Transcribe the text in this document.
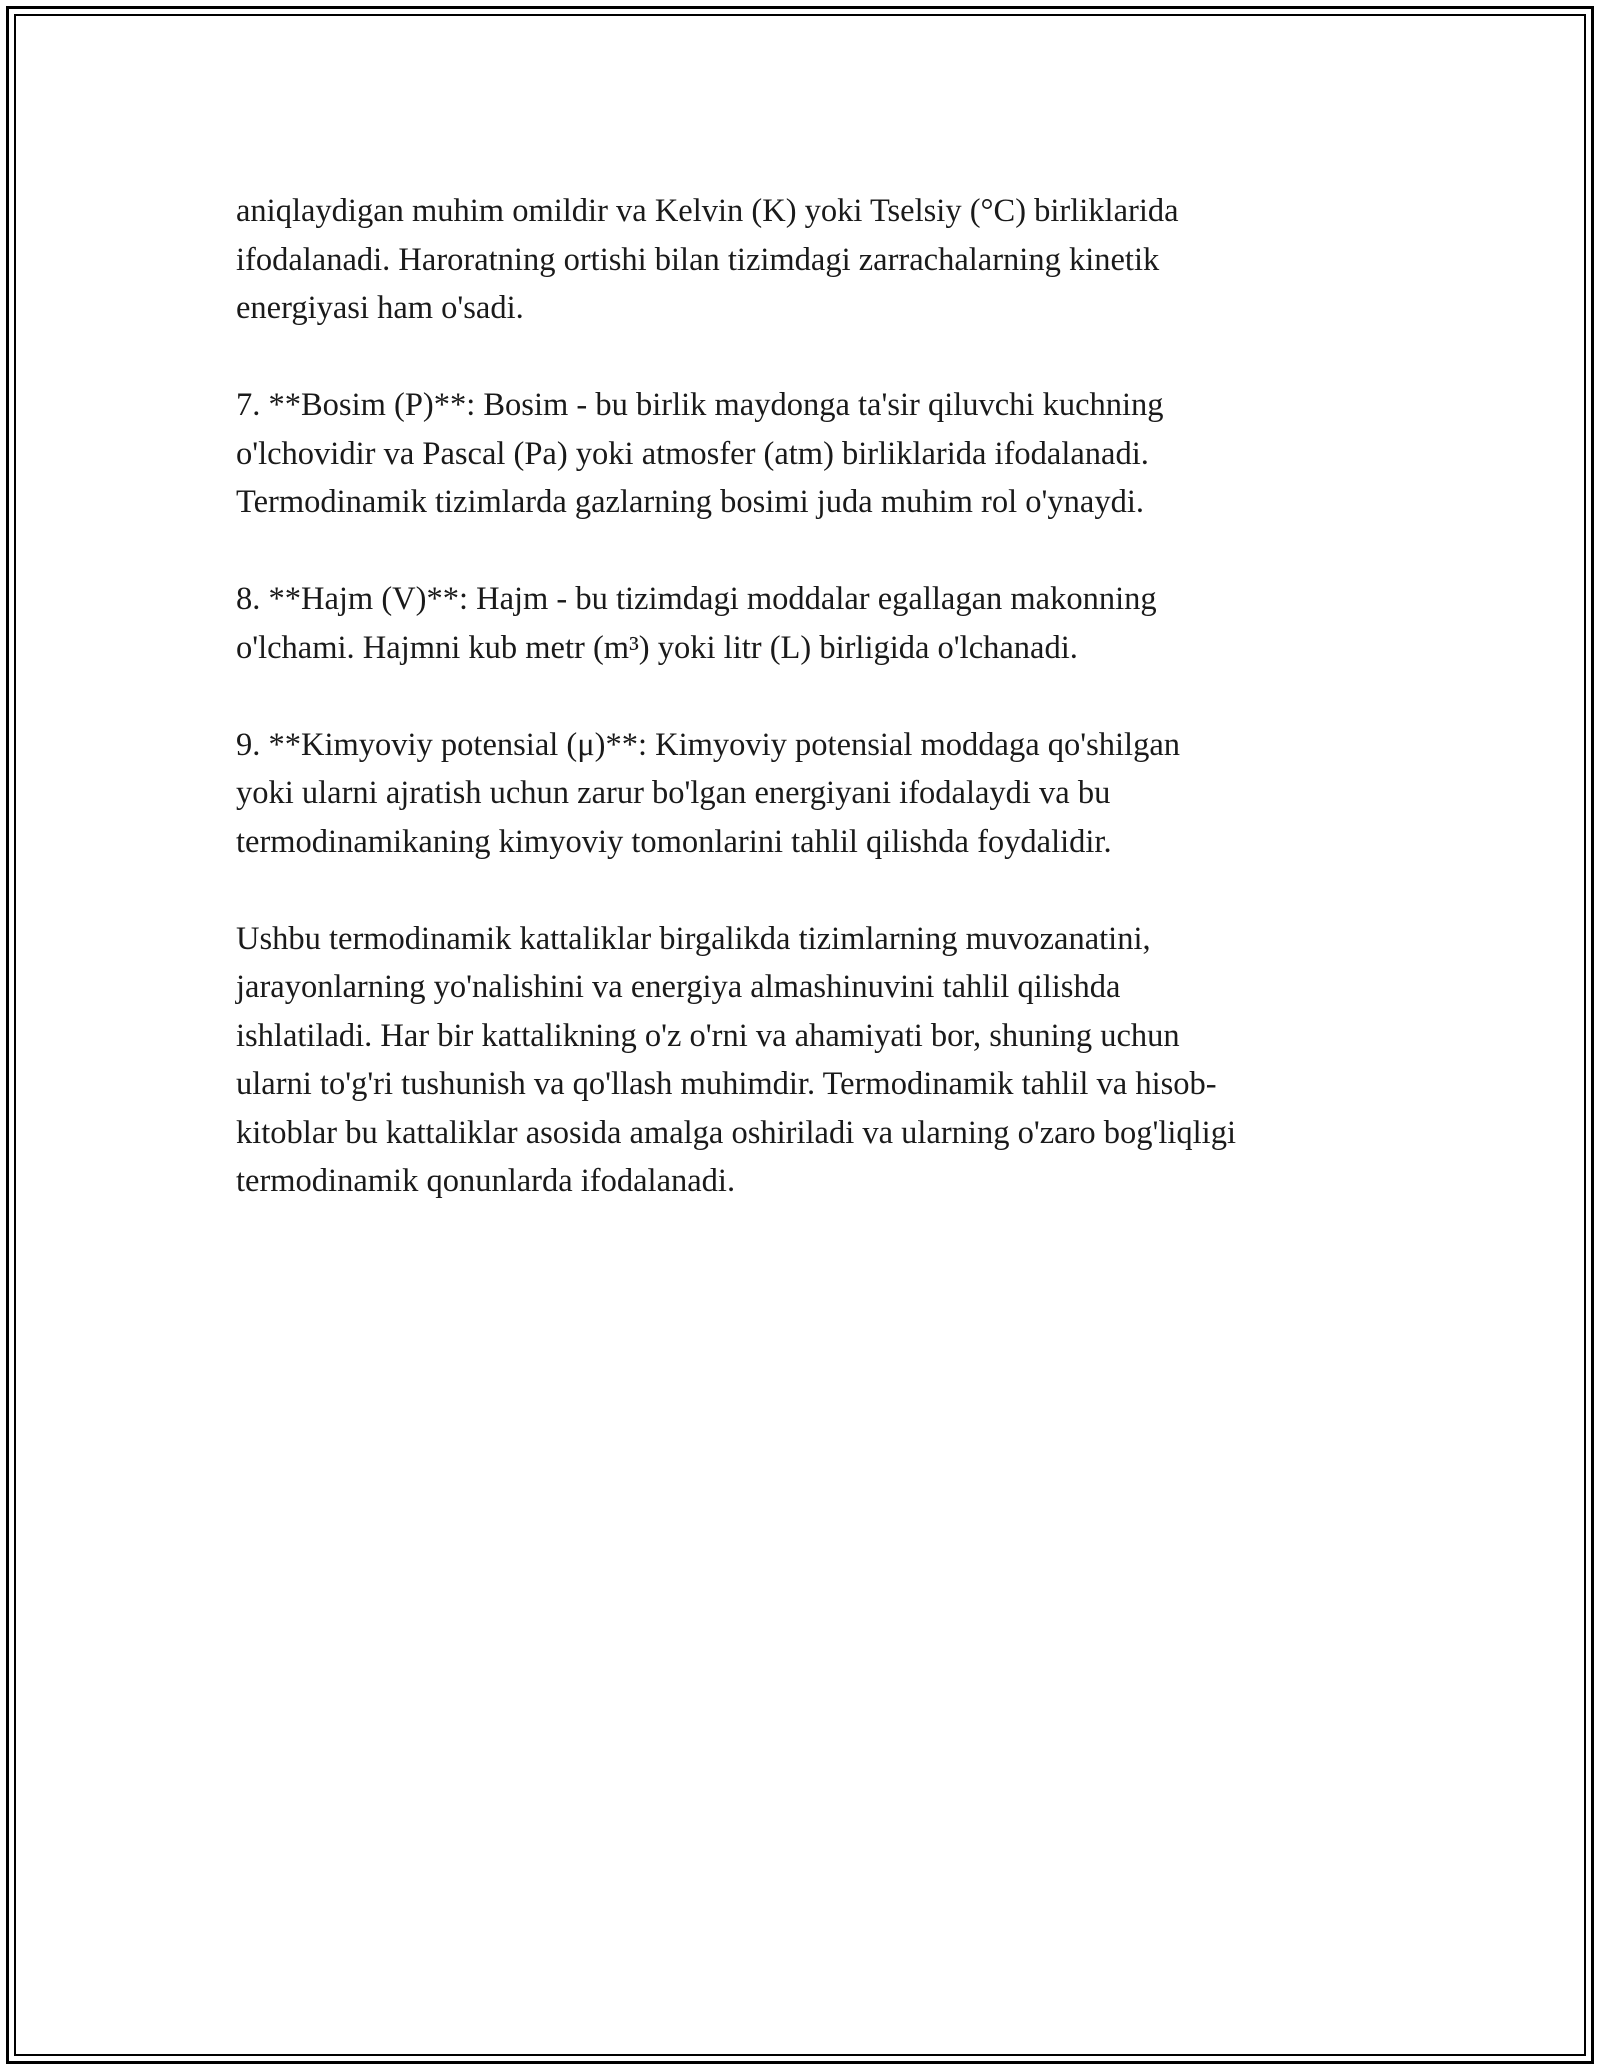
aniqlaydigan muhim omildir va Kelvin (K) yoki Tselsiy (°C) birliklarida
ifodalanadi. Haroratning ortishi bilan tizimdagi zarrachalarning kinetik
energiyasi ham o'sadi.

7. **Bosim (P)**: Bosim - bu birlik maydonga ta'sir qiluvchi kuchning
o'lchovidir va Pascal (Pa) yoki atmosfer (atm) birliklarida ifodalanadi.
Termodinamik tizimlarda gazlarning bosimi juda muhim rol o'ynaydi.

8. **Hajm (V)**: Hajm - bu tizimdagi moddalar egallagan makonning
o'lchami. Hajmni kub metr (m³) yoki litr (L) birligida o'lchanadi.

9. **Kimyoviy potensial (μ)**: Kimyoviy potensial moddaga qo'shilgan
yoki ularni ajratish uchun zarur bo'lgan energiyani ifodalaydi va bu
termodinamikaning kimyoviy tomonlarini tahlil qilishda foydalidir.

Ushbu termodinamik kattaliklar birgalikda tizimlarning muvozanatini,
jarayonlarning yo'nalishini va energiya almashinuvini tahlil qilishda
ishlatiladi. Har bir kattalikning o'z o'rni va ahamiyati bor, shuning uchun
ularni to'g'ri tushunish va qo'llash muhimdir. Termodinamik tahlil va hisob-
kitoblar bu kattaliklar asosida amalga oshiriladi va ularning o'zaro bog'liqligi
termodinamik qonunlarda ifodalanadi.
